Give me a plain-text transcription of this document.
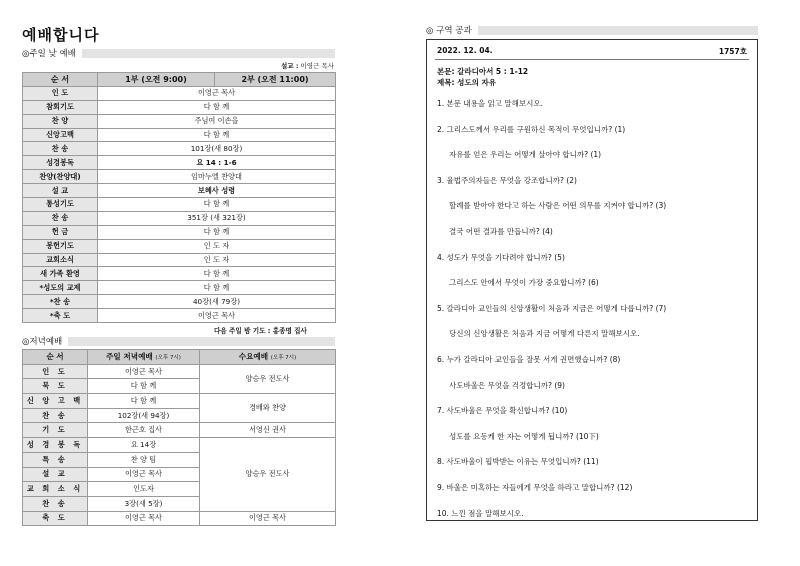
예배합니다
◎주일 낮 예배
설교 : 이영근 목사
순 서	1부 (오전 9:00)	2부 (오전 11:00)
인 도	이영근 목사	
참회기도	다 함 께	
찬 양	주님여 이손을	
신앙고백	다 함 께	
찬 송	101장(새 80장)	
성경봉독	요 14 : 1-6	
찬양(찬양대)	임마누엘 찬양대	
설 교	보혜사 성령	
통성기도	다 함 께	
찬 송	351장 (새 321장)	
헌 금	다 함 께	
봉헌기도	인 도 자	
교회소식	인 도 자	
새 가족 환영	다 함 께	
*성도의 교제	다 함 께	
*찬 송	40장(새 79장)	
*축 도	이영근 목사	
다음 주일 밤 기도 : 홍종명 집사
◎저녁예배
순 서	주일 저녁예배 (오후 7시)	수요예배 (오후 7시)
인 도	이영근 목사	양승우 전도사
묵 도	다 함 께	
신 앙 고 백	다 함 께	경배와 찬양
찬 송	102장(새 94장)	
기 도	한근호 집사	서영신 권사
성 경 봉 독	요 14장	양승우 전도사
특 송	찬 양 팀	
설 교	이영근 목사	
교 회 소 식	인도자	
찬 송	3장(새 5장)	
축 도	이영근 목사	이영근 목사
◎ 구역 공과
2022. 12. 04.	1757호
본문: 갈라디아서 5 : 1-12
제목: 성도의 자유
1. 본문 내용을 읽고 말해보시오.
2. 그리스도께서 우리를 구원하신 목적이 무엇입니까? (1)
자유를 얻은 우리는 어떻게 살아야 합니까? (1)
3. 율법주의자들은 무엇을 강조합니까? (2)
할례를 받아야 한다고 하는 사람은 어떤 의무를 지켜야 합니까? (3)
결국 어떤 결과를 만듭니까? (4)
4. 성도가 무엇을 기다려야 합니까? (5)
그리스도 안에서 무엇이 가장 중요합니까? (6)
5. 갈라디아 교인들의 신앙생활이 처음과 지금은 어떻게 다릅니까? (7)
당신의 신앙생활은 처음과 지금 어떻게 다른지 말해보시오.
6. 누가 갈라디아 교인들을 잘못 서게 권면했습니까? (8)
사도바울은 무엇을 걱정합니까? (9)
7. 사도바울은 무엇을 확신합니까? (10)
성도를 요동케 한 자는 어떻게 됩니까? (10下)
8. 사도바울이 핍박받는 이유는 무엇입니까? (11)
9. 바울은 미혹하는 자들에게 무엇을 하라고 말합니까? (12)
10. 느낀 점을 말해보시오.
